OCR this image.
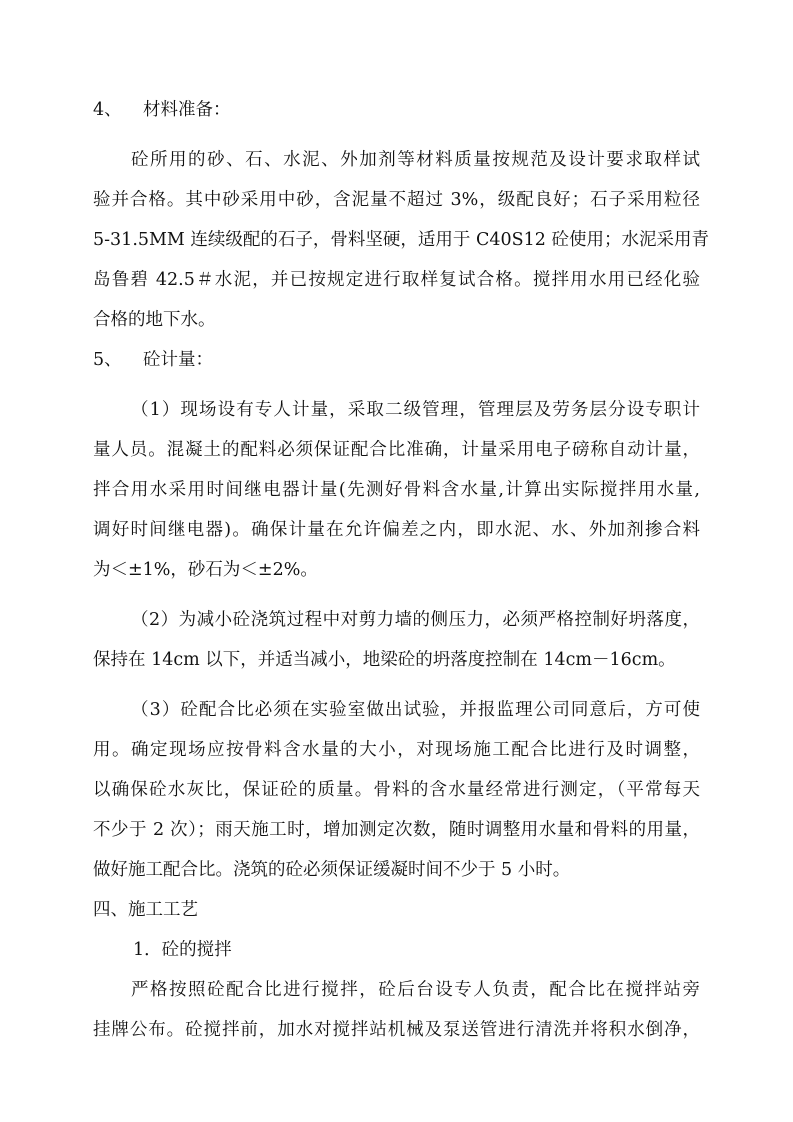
4、 材料准备：
砼所用的砂、石、水泥、外加剂等材料质量按规范及设计要求取样试
验并合格。其中砂采用中砂，含泥量不超过 3%，级配良好；石子采用粒径
5-31.5MM 连续级配的石子，骨料坚硬，适用于 C40S12 砼使用；水泥采用青
岛鲁碧 42.5＃水泥，并已按规定进行取样复试合格。搅拌用水用已经化验
合格的地下水。
5、 砼计量：
（1）现场设有专人计量，采取二级管理，管理层及劳务层分设专职计
量人员。混凝土的配料必须保证配合比准确，计量采用电子磅称自动计量，
拌合用水采用时间继电器计量(先测好骨料含水量,计算出实际搅拌用水量,
调好时间继电器)。确保计量在允许偏差之内，即水泥、水、外加剂掺合料
为＜±1%，砂石为＜±2%。
（2）为减小砼浇筑过程中对剪力墙的侧压力，必须严格控制好坍落度，
保持在 14cm 以下，并适当减小，地梁砼的坍落度控制在 14cm－16cm。
（3）砼配合比必须在实验室做出试验，并报监理公司同意后，方可使
用。确定现场应按骨料含水量的大小，对现场施工配合比进行及时调整，
以确保砼水灰比，保证砼的质量。骨料的含水量经常进行测定，（平常每天
不少于 2 次）；雨天施工时，增加测定次数，随时调整用水量和骨料的用量，
做好施工配合比。浇筑的砼必须保证缓凝时间不少于 5 小时。
四、施工工艺
1．砼的搅拌
严格按照砼配合比进行搅拌，砼后台设专人负责，配合比在搅拌站旁
挂牌公布。砼搅拌前，加水对搅拌站机械及泵送管进行清洗并将积水倒净，
